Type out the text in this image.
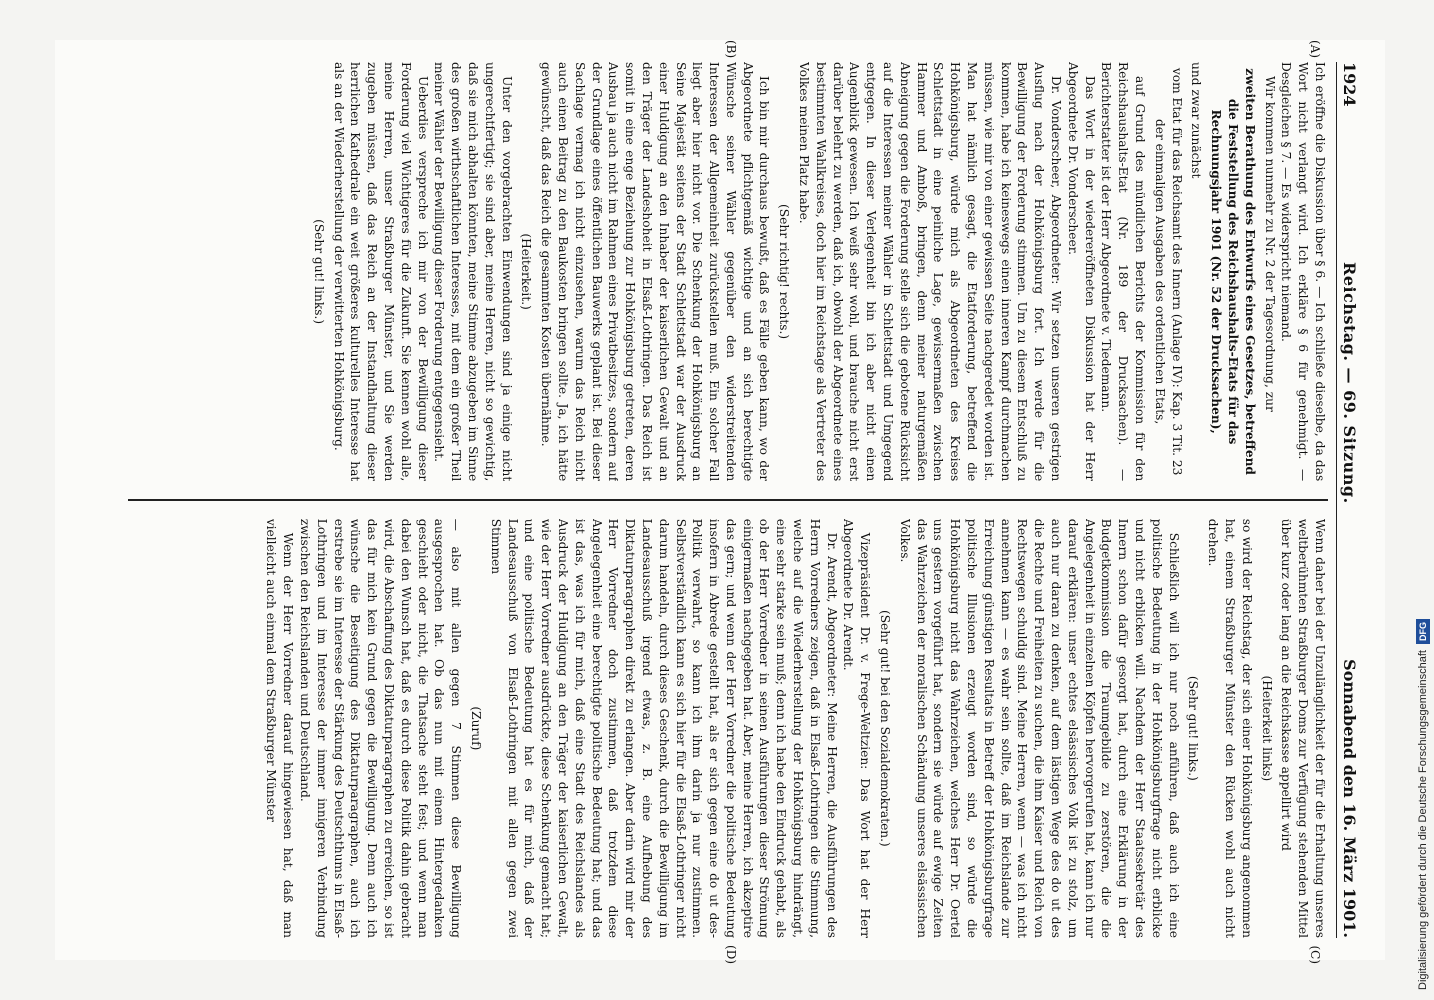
1924
Reichstag. — 69. Sitzung.
Sonnabend den 16. März 1901.
(A)
(B)
(C)
(D)

Ich eröffne die Diskussion über § 6. — Ich schließe dieselbe, da das Wort nicht verlangt wird. Ich erkläre § 6 für genehmigt. — Desgleichen § 7. — Es widerspricht niemand.

Wir kommen nunmehr zu Nr. 2 der Tagesordnung, zur

zweiten Berathung des Entwurfs eines Gesetzes, betreffend die Feststellung des Reichshaushalts-Etats für das Rechnungsjahr 1901 (Nr. 52 der Drucksachen),

und zwar zunächst

vom Etat für das Reichsamt des Innern (Anlage IV): Kap. 3 Tit. 23 der einmaligen Ausgaben des ordentlichen Etats,

auf Grund des mündlichen Berichts der Kommission für den Reichshaushalts-Etat (Nr. 189 der Drucksachen). — Berichterstatter ist der Herr Abgeordnete v. Tiedemann.

Das Wort in der wiedereröffneten Diskussion hat der Herr Abgeordnete Dr. Vonderscheer.

Dr. Vonderscheer, Abgeordneter: Wir setzen unseren gestrigen Ausflug nach der Hohkönigsburg fort. Ich werde für die Bewilligung der Forderung stimmen. Um zu diesem Entschluß zu kommen, habe ich keineswegs einen inneren Kampf durchmachen müssen, wie mir von einer gewissen Seite nachgeredet worden ist. Man hat nämlich gesagt, die Etatforderung, betreffend die Hohkönigsburg, würde mich als Abgeordneten des Kreises Schlettstadt in eine peinliche Lage, gewissermaßen zwischen Hammer und Amboß, bringen, denn meiner naturgemäßen Abneigung gegen die Forderung stelle sich die gebotene Rücksicht auf die Interessen meiner Wähler in Schlettstadt und Umgegend entgegen. In dieser Verlegenheit bin ich aber nicht einen Augenblick gewesen. Ich weiß sehr wohl, und brauche nicht erst darüber belehrt zu werden, daß ich, obwohl der Abgeordnete eines bestimmten Wahlkreises, doch hier im Reichstage als Vertreter des Volkes meinen Platz habe.

(Sehr richtig! rechts.)

Ich bin mir durchaus bewußt, daß es Fälle geben kann, wo der Abgeordnete pflichtgemäß wichtige und an sich berechtigte Wünsche seiner Wähler gegenüber den widerstreitenden Interessen der Allgemeinheit zurückstellen muß. Ein solcher Fall liegt aber hier nicht vor. Die Schenkung der Hohkönigsburg an Seine Majestät seitens der Stadt Schlettstadt war der Ausdruck einer Huldigung an den Inhaber der kaiserlichen Gewalt und an den Träger der Landeshoheit in Elsaß-Lothringen. Das Reich ist somit in eine enge Beziehung zur Hohkönigsburg getreten, deren Ausbau ja auch nicht im Rahmen eines Privatbesitzes, sondern auf der Grundlage eines öffentlichen Bauwerks geplant ist. Bei dieser Sachlage vermag ich nicht einzusehen, warum das Reich nicht auch einen Beitrag zu den Baukosten bringen sollte. Ja, ich hätte gewünscht, daß das Reich die gesammten Kosten übernähme.

(Heiterkeit.)

Unter den vorgebrachten Einwendungen sind ja einige nicht ungerechtfertigt; sie sind aber, meine Herren, nicht so gewichtig, daß sie mich abhalten könnten, meine Stimme abzugeben im Sinne des großen wirthschaftlichen Interesses, mit dem ein großer Theil meiner Wähler der Bewilligung dieser Forderung entgegensieht.

Ueberdies verspreche ich mir von der Bewilligung dieser Forderung viel Wichtigeres für die Zukunft. Sie kennen wohl alle, meine Herren, unser Straßburger Münster, und Sie werden zugeben müssen, daß das Reich an der Instandhaltung dieser herrlichen Kathedrale ein weit größeres kulturelles Interesse hat als an der Wiederherstellung der verwitterten Hohkönigsburg.

(Sehr gut! links.)

Wenn daher bei der Unzulänglichkeit der für die Erhaltung unseres weltberühmten Straßburger Doms zur Verfügung stehenden Mittel über kurz oder lang an die Reichskasse appellirt wird

(Heiterkeit links)

so wird der Reichstag, der sich einer Hohkönigsburg angenommen hat, einem Straßburger Münster den Rücken wohl auch nicht drehen.

(Sehr gut! links.)

Schließlich will ich nur noch anführen, daß auch ich eine politische Bedeutung in der Hohkönigsburgfrage nicht erblicke und nicht erblicken will. Nachdem der Herr Staatssekretär des Innern schon dafür gesorgt hat, durch eine Erklärung in der Budgetkommission die Traumgebilde zu zerstören, die die Angelegenheit in einzelnen Köpfen hervorgerufen hat, kann ich nur darauf erklären: unser echtes elsässisches Volk ist zu stolz, um auch nur daran zu denken, auf dem lästigen Wege des do ut des die Rechte und Freiheiten zu suchen, die ihm Kaiser und Reich von Rechtswegen schuldig sind. Meine Herren, wenn — was ich nicht annehmen kann — es wahr sein sollte, daß im Reichslande zur Erreichung günstigen Resultats in Betreff der Hohkönigsburgfrage politische Illusionen erzeugt worden sind, so würde die Hohkönigsburg nicht das Wahrzeichen, welches Herr Dr. Oertel uns gestern vorgeführt hat, sondern sie würde auf ewige Zeiten das Wahrzeichen der moralischen Schändung unseres elsässischen Volkes.

(Sehr gut! bei den Sozialdemokraten.)

Vizepräsident Dr. v. Frege-Weltzien: Das Wort hat der Herr Abgeordnete Dr. Arendt.

Dr. Arendt, Abgeordneter: Meine Herren, die Ausführungen des Herrn Vorredners zeigen, daß in Elsaß-Lothringen die Stimmung, welche auf die Wiederherstellung der Hohkönigsburg hindrängt, eine sehr starke sein muß; denn ich habe den Eindruck gehabt, als ob der Herr Vorredner in seinen Ausführungen dieser Strömung einigermaßen nachgegeben hat. Aber, meine Herren, ich akzeptire das gern; und wenn der Herr Vorredner die politische Bedeutung insofern in Abrede gestellt hat, als er sich gegen eine do ut des-Politik verwahrt, so kann ich ihm darin ja nur zustimmen. Selbstverständlich kann es sich hier für die Elsaß-Lothringer nicht darum handeln, durch dieses Geschenk, durch die Bewilligung im Landesausschuß irgend etwas, z. B. eine Aufhebung des Diktaturparagraphen direkt zu erlangen. Aber darin wird mir der Herr Vorredner doch zustimmen, daß trotzdem diese Angelegenheit eine berechtigte politische Bedeutung hat; und das ist das, was ich für mich, daß eine Stadt des Reichslandes als Ausdruck der Huldigung an den Träger der kaiserlichen Gewalt, wie der Herr Vorredner ausdrückte, diese Schenkung gemacht hat; und eine politische Bedeutung hat es für mich, daß der Landesausschuß von Elsaß-Lothringen mit allen gegen zwei Stimmen

(Zuruf)

— also mit allen gegen 7 Stimmen diese Bewilligung ausgesprochen hat. Ob das nun mit einem Hintergedanken geschieht oder nicht, die Thatsache steht fest; und wenn man dabei den Wunsch hat, daß es durch diese Politik dahin gebracht wird, die Abschaffung des Diktaturparagraphen zu erreichen, so ist das für mich kein Grund gegen die Bewilligung. Denn auch ich wünsche die Beseitigung des Diktaturparagraphen, auch ich erstrebe sie im Interesse der Stärkung des Deutschthums in Elsaß-Lothringen und im Interesse der immer innigeren Verbindung zwischen den Reichslanden und Deutschland.

Wenn der Herr Vorredner darauf hingewiesen hat, daß man vielleicht auch einmal dem Straßburger Münster	Digitalisierung gefördert durch die Deutsche ForschungsgemeinschaftDFG
